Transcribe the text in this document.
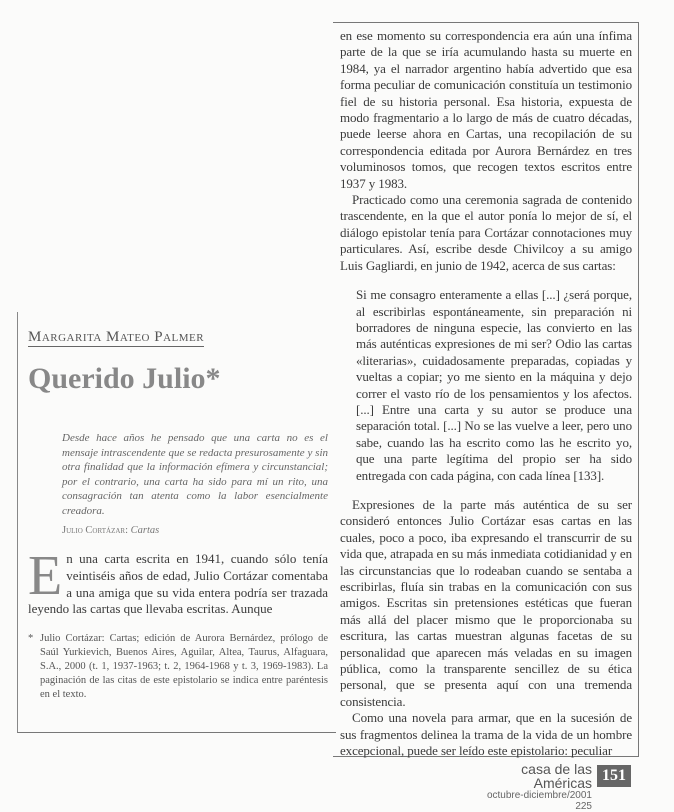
en ese momento su correspondencia era aún una ínfima parte de la que se iría acumulando hasta su muerte en 1984, ya el narrador argentino había advertido que esa forma peculiar de comunicación constituía un testimonio fiel de su historia personal. Esa historia, expuesta de modo fragmentario a lo largo de más de cuatro décadas, puede leerse ahora en Cartas, una recopilación de su correspondencia editada por Aurora Bernárdez en tres voluminosos tomos, que recogen textos escritos entre 1937 y 1983.

Practicado como una ceremonia sagrada de contenido trascendente, en la que el autor ponía lo mejor de sí, el diálogo epistolar tenía para Cortázar connotaciones muy particulares. Así, escribe desde Chivilcoy a su amigo Luis Gagliardi, en junio de 1942, acerca de sus cartas:

Si me consagro enteramente a ellas [...] ¿será porque, al escribirlas espontáneamente, sin preparación ni borradores de ninguna especie, las convierto en las más auténticas expresiones de mi ser? Odio las cartas «literarias», cuidadosamente preparadas, copiadas y vueltas a copiar; yo me siento en la máquina y dejo correr el vasto río de los pensamientos y los afectos. [...] Entre una carta y su autor se produce una separación total. [...] No se las vuelve a leer, pero uno sabe, cuando las ha escrito como las he escrito yo, que una parte legítima del propio ser ha sido entregada con cada página, con cada línea [133].

Expresiones de la parte más auténtica de su ser consideró entonces Julio Cortázar esas cartas en las cuales, poco a poco, iba expresando el transcurrir de su vida que, atrapada en su más inmediata cotidianidad y en las circunstancias que lo rodeaban cuando se sentaba a escribirlas, fluía sin trabas en la comunicación con sus amigos. Escritas sin pretensiones estéticas que fueran más allá del placer mismo que le proporcionaba su escritura, las cartas muestran algunas facetas de su personalidad que aparecen más veladas en su imagen pública, como la transparente sencillez de su ética personal, que se presenta aquí con una tremenda consistencia.

Como una novela para armar, que en la sucesión de sus fragmentos delinea la trama de la vida de un hombre excepcional, puede ser leído este epistolario: peculiar

Margarita Mateo Palmer
Querido Julio*
Desde hace años he pensado que una carta no es el mensaje intrascendente que se redacta presurosamente y sin otra finalidad que la información efímera y circunstancial; por el contrario, una carta ha sido para mí un rito, una consagración tan atenta como la labor esencialmente creadora.
Julio Cortázar: Cartas
En una carta escrita en 1941, cuando sólo tenía veintiséis años de edad, Julio Cortázar comentaba a una amiga que su vida entera podría ser trazada leyendo las cartas que llevaba escritas. Aunque
* Julio Cortázar: Cartas; edición de Aurora Bernárdez, prólogo de Saúl Yurkievich, Buenos Aires, Aguilar, Altea, Taurus, Alfaguara, S.A., 2000 (t. 1, 1937-1963; t. 2, 1964-1968 y t. 3, 1969-1983). La paginación de las citas de este epistolario se indica entre paréntesis en el texto.
casa de las Américas
octubre-diciembre/2001 225
151
